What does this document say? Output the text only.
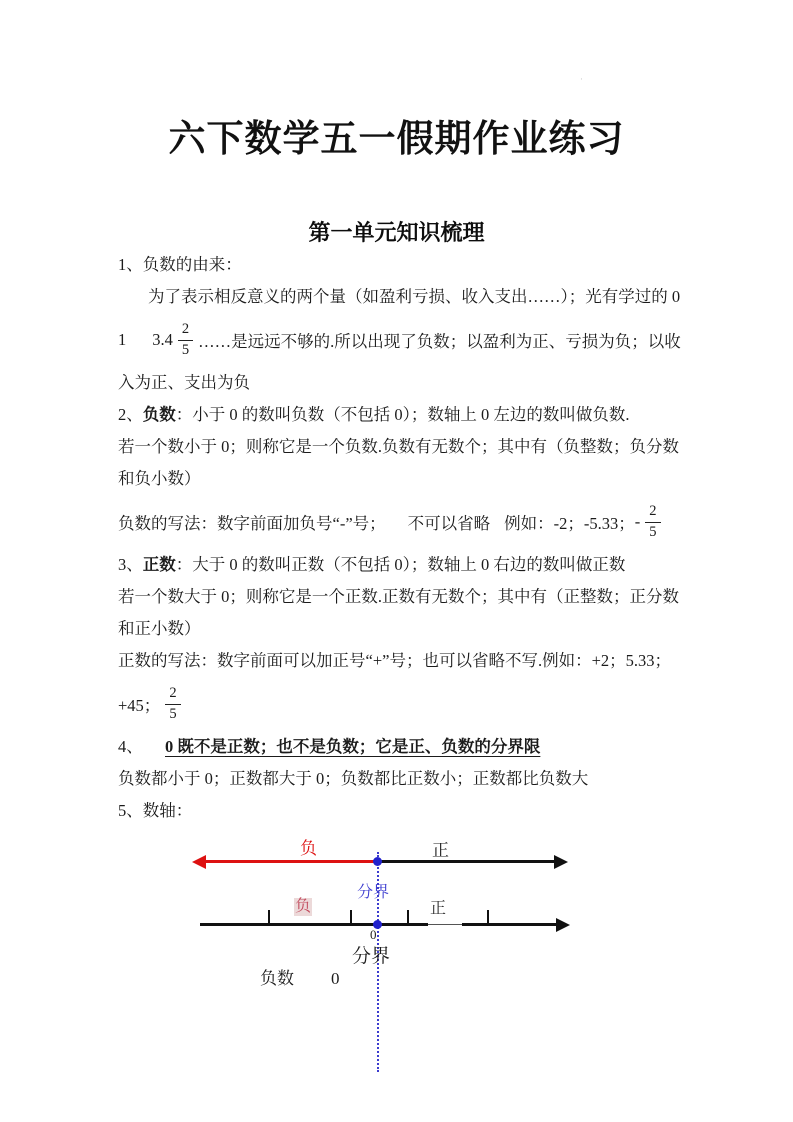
·
六下数学五一假期作业练习
第一单元知识梳理
1、负数的由来：
为了表示相反意义的两个量（如盈利亏损、收入支出……）；光有学过的 0
1 $3.4 \frac{2}{5}$ ……是远远不够的.所以出现了负数；以盈利为正、亏损为负；以收
入为正、支出为负
2、负数：小于 0 的数叫负数（不包括 0）；数轴上 0 左边的数叫做负数.
若一个数小于 0；则称它是一个负数.负数有无数个；其中有（负整数；负分数
和负小数）
负数的写法：数字前面加负号“-”号； 不可以省略 例如：-2；-5.33； - $\frac{2}{5}$
3、正数：大于 0 的数叫正数（不包括 0）；数轴上 0 右边的数叫做正数
若一个数大于 0；则称它是一个正数.正数有无数个；其中有（正整数；正分数
和正小数）
正数的写法：数字前面可以加正号“+”号；也可以省略不写.例如：+2；5.33；
+45； $\frac{2}{5}$
4、 0 既不是正数；也不是负数；它是正、负数的分界限
负数都小于 0；正数都大于 0；负数都比正数小；正数都比负数大
5、数轴：
负	正
分界
负	正
0
分界
负数 0
